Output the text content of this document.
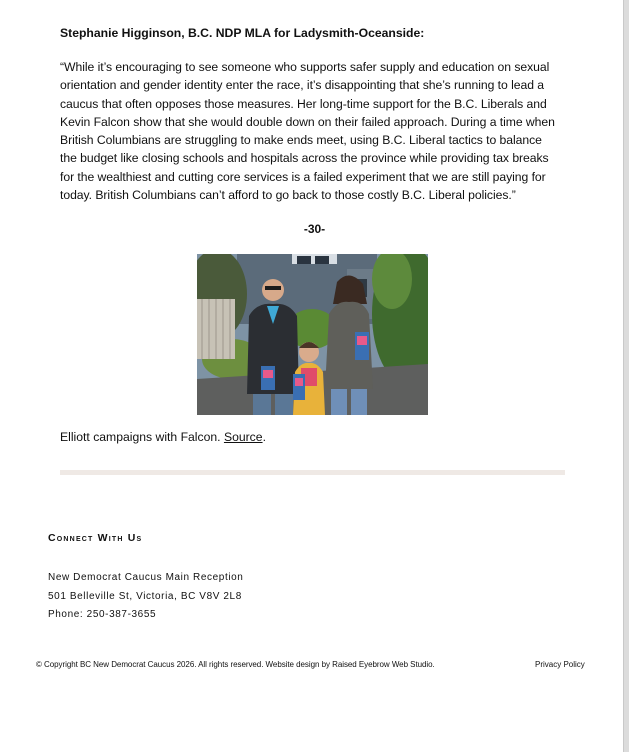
Stephanie Higginson, B.C. NDP MLA for Ladysmith-Oceanside:

“While it’s encouraging to see someone who supports safer supply and education on sexual
orientation and gender identity enter the race, it’s disappointing that she’s running to lead a
caucus that often opposes those measures. Her long-time support for the B.C. Liberals and
Kevin Falcon show that she would double down on their failed approach. During a time when
British Columbians are struggling to make ends meet, using B.C. Liberal tactics to balance
the budget like closing schools and hospitals across the province while providing tax breaks
for the wealthiest and cutting core services is a failed experiment that we are still paying for
today. British Columbians can’t afford to go back to those costly B.C. Liberal policies.”

-30-

Elliott campaigns with Falcon. Source.

Connect With Us
New Democrat Caucus Main Reception
501 Belleville St, Victoria, BC V8V 2L8
Phone: 250-387-3655
© Copyright BC New Democrat Caucus 2026. All rights reserved. Website design by Raised Eyebrow Web Studio.	Privacy Policy
